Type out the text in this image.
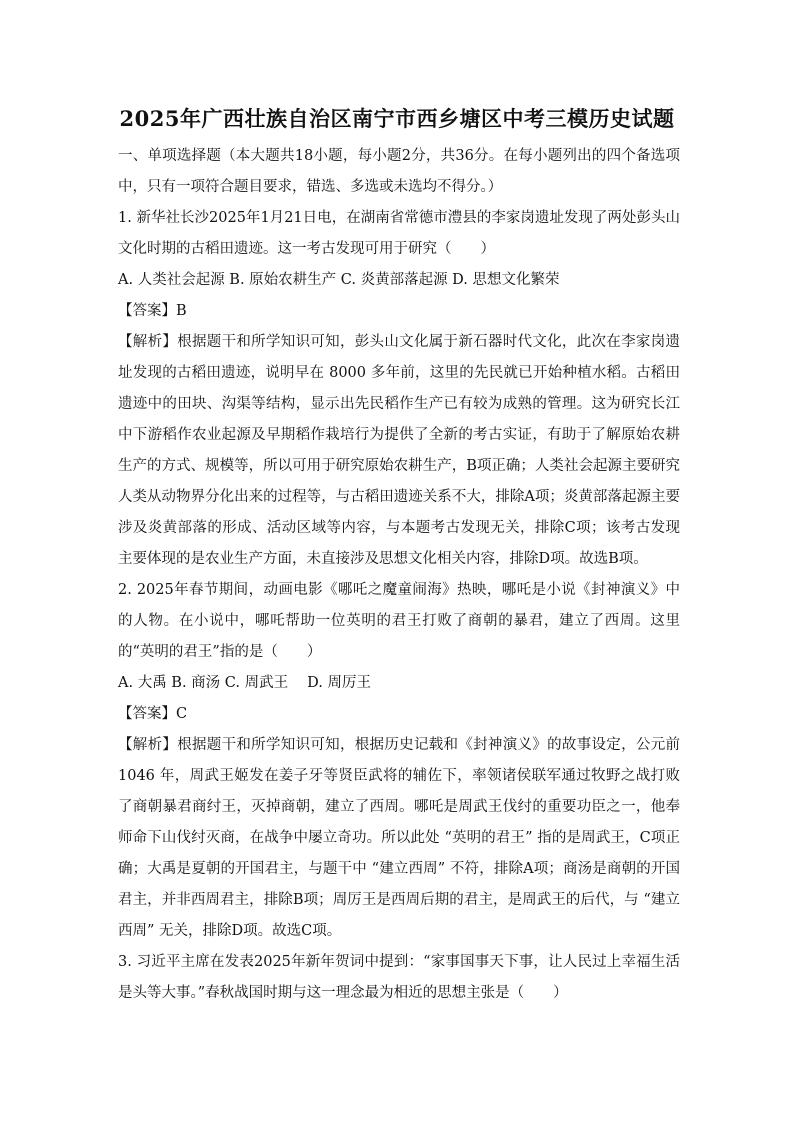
2025年广西壮族自治区南宁市西乡塘区中考三模历史试题

一、单项选择题（本大题共18小题，每小题2分，共36分。在每小题列出的四个备选项中，只有一项符合题目要求，错选、多选或未选均不得分。）

1. 新华社长沙2025年1月21日电，在湖南省常德市澧县的李家岗遗址发现了两处彭头山文化时期的古稻田遗迹。这一考古发现可用于研究（　　）

A. 人类社会起源 B. 原始农耕生产 C. 炎黄部落起源 D. 思想文化繁荣

【答案】B

【解析】根据题干和所学知识可知，彭头山文化属于新石器时代文化，此次在李家岗遗址发现的古稻田遗迹，说明早在 8000 多年前，这里的先民就已开始种植水稻。古稻田遗迹中的田块、沟渠等结构，显示出先民稻作生产已有较为成熟的管理。这为研究长江中下游稻作农业起源及早期稻作栽培行为提供了全新的考古实证，有助于了解原始农耕生产的方式、规模等，所以可用于研究原始农耕生产，B项正确；人类社会起源主要研究人类从动物界分化出来的过程等，与古稻田遗迹关系不大，排除A项；炎黄部落起源主要涉及炎黄部落的形成、活动区域等内容，与本题考古发现无关，排除C项；该考古发现主要体现的是农业生产方面，未直接涉及思想文化相关内容，排除D项。故选B项。

2. 2025年春节期间，动画电影《哪吒之魔童闹海》热映，哪吒是小说《封神演义》中的人物。在小说中，哪吒帮助一位英明的君王打败了商朝的暴君，建立了西周。这里的“英明的君王”指的是（　　）

A. 大禹 B. 商汤 C. 周武王　 D. 周厉王

【答案】C

【解析】根据题干和所学知识可知，根据历史记载和《封神演义》的故事设定，公元前 1046 年，周武王姬发在姜子牙等贤臣武将的辅佐下，率领诸侯联军通过牧野之战打败了商朝暴君商纣王，灭掉商朝，建立了西周。哪吒是周武王伐纣的重要功臣之一，他奉师命下山伐纣灭商，在战争中屡立奇功。所以此处 “英明的君王” 指的是周武王，C项正确；大禹是夏朝的开国君主，与题干中 “建立西周” 不符，排除A项；商汤是商朝的开国君主，并非西周君主，排除B项；周厉王是西周后期的君主，是周武王的后代，与 “建立西周” 无关，排除D项。故选C项。

3. 习近平主席在发表2025年新年贺词中提到：“家事国事天下事，让人民过上幸福生活是头等大事。”春秋战国时期与这一理念最为相近的思想主张是（　　）
